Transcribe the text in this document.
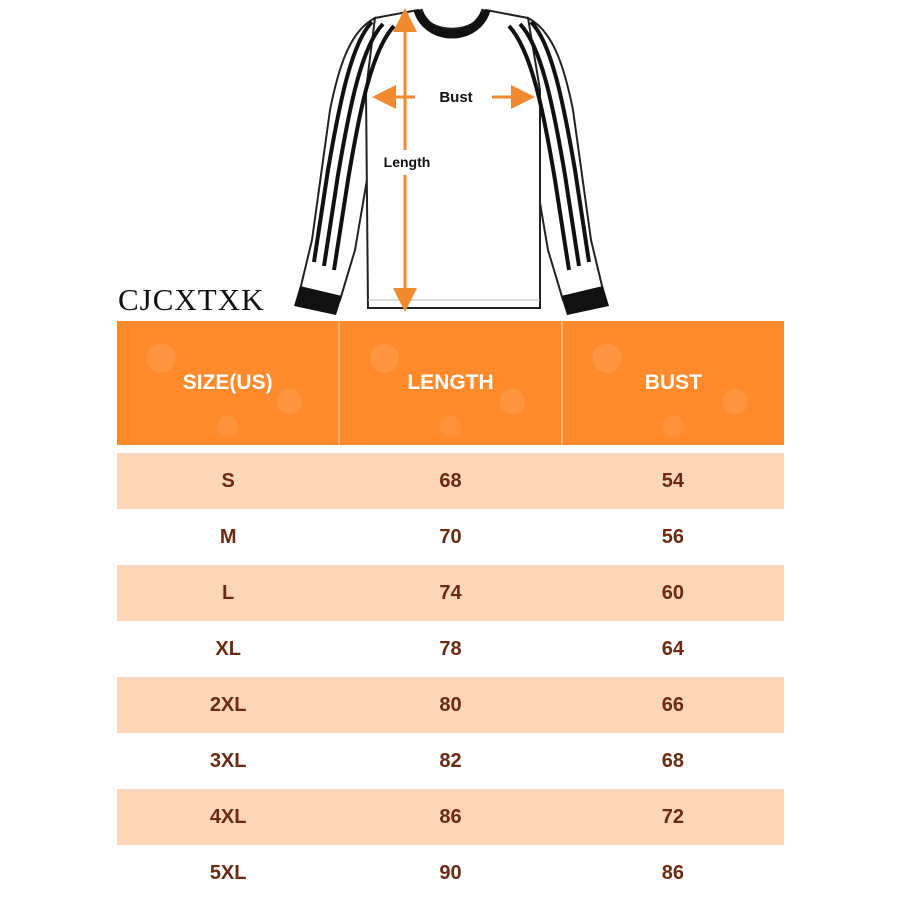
Bust
Length
CJCXTXK
SIZE(US)	LENGTH	BUST

S	68	54
M	70	56
L	74	60
XL	78	64
2XL	80	66
3XL	82	68
4XL	86	72
5XL	90	86
